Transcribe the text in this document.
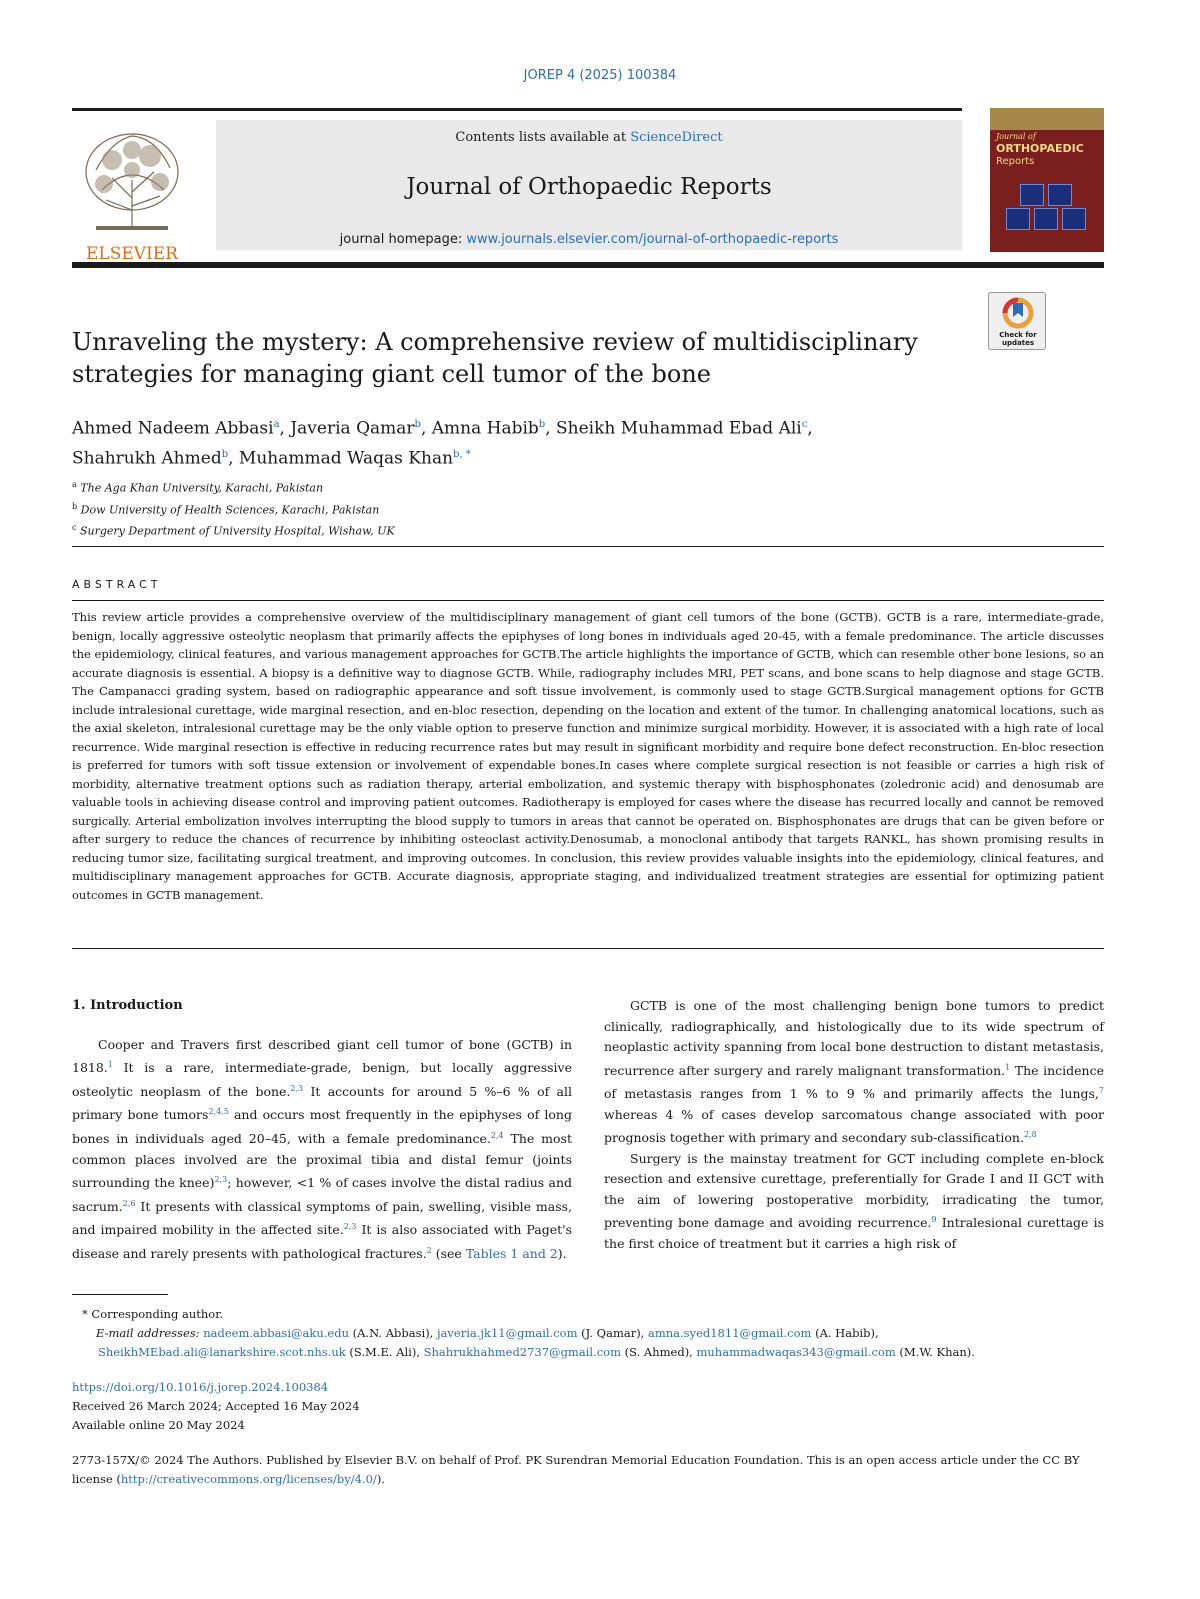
JOREP 4 (2025) 100384
ELSEVIER
Contents lists available at ScienceDirect
Journal of Orthopaedic Reports
journal homepage: www.journals.elsevier.com/journal-of-orthopaedic-reports
Journal of
ORTHOPAEDIC
Reports
Check for updates
Unraveling the mystery: A comprehensive review of multidisciplinary strategies for managing giant cell tumor of the bone
Ahmed Nadeem Abbasi$^a$, Javeria Qamar$^b$, Amna Habib$^b$, Sheikh Muhammad Ebad Ali$^c$,
Shahrukh Ahmed$^b$, Muhammad Waqas Khan$^{b, *}$
$^a$ The Aga Khan University, Karachi, Pakistan
$^b$ Dow University of Health Sciences, Karachi, Pakistan
$^c$ Surgery Department of University Hospital, Wishaw, UK
ABSTRACT
This review article provides a comprehensive overview of the multidisciplinary management of giant cell tumors of the bone (GCTB). GCTB is a rare, intermediate-grade, benign, locally aggressive osteolytic neoplasm that primarily affects the epiphyses of long bones in individuals aged 20-45, with a female predominance. The article discusses the epidemiology, clinical features, and various management approaches for GCTB.The article highlights the importance of GCTB, which can resemble other bone lesions, so an accurate diagnosis is essential. A biopsy is a definitive way to diagnose GCTB. While, radiography includes MRI, PET scans, and bone scans to help diagnose and stage GCTB. The Campanacci grading system, based on radiographic appearance and soft tissue involvement, is commonly used to stage GCTB.Surgical management options for GCTB include intralesional curettage, wide marginal resection, and en-bloc resection, depending on the location and extent of the tumor. In challenging anatomical locations, such as the axial skeleton, intralesional curettage may be the only viable option to preserve function and minimize surgical morbidity. However, it is associated with a high rate of local recurrence. Wide marginal resection is effective in reducing recurrence rates but may result in significant morbidity and require bone defect reconstruction. En-bloc resection is preferred for tumors with soft tissue extension or involvement of expendable bones.In cases where complete surgical resection is not feasible or carries a high risk of morbidity, alternative treatment options such as radiation therapy, arterial embolization, and systemic therapy with bisphosphonates (zoledronic acid) and denosumab are valuable tools in achieving disease control and improving patient outcomes. Radiotherapy is employed for cases where the disease has recurred locally and cannot be removed surgically. Arterial embolization involves interrupting the blood supply to tumors in areas that cannot be operated on. Bisphosphonates are drugs that can be given before or after surgery to reduce the chances of recurrence by inhibiting osteoclast activity.Denosumab, a monoclonal antibody that targets RANKL, has shown promising results in reducing tumor size, facilitating surgical treatment, and improving outcomes. In conclusion, this review provides valuable insights into the epidemiology, clinical features, and multidisciplinary management approaches for GCTB. Accurate diagnosis, appropriate staging, and individualized treatment strategies are essential for optimizing patient outcomes in GCTB management.
1. Introduction

Cooper and Travers first described giant cell tumor of bone (GCTB) in 1818.$^1$ It is a rare, intermediate-grade, benign, but locally aggressive osteolytic neoplasm of the bone.$^{2,3}$ It accounts for around 5 %–6 % of all primary bone tumors$^{2,4,5}$ and occurs most frequently in the epiphyses of long bones in individuals aged 20–45, with a female predominance.$^{2,4}$ The most common places involved are the proximal tibia and distal femur (joints surrounding the knee)$^{2,3}$; however, <1 % of cases involve the distal radius and sacrum.$^{2,6}$ It presents with classical symptoms of pain, swelling, visible mass, and impaired mobility in the affected site.$^{2,3}$ It is also associated with Paget's disease and rarely presents with pathological fractures.$^2$ (see Tables 1 and 2).

GCTB is one of the most challenging benign bone tumors to predict clinically, radiographically, and histologically due to its wide spectrum of neoplastic activity spanning from local bone destruction to distant metastasis, recurrence after surgery and rarely malignant transformation.$^1$ The incidence of metastasis ranges from 1 % to 9 % and primarily affects the lungs,$^7$ whereas 4 % of cases develop sarcomatous change associated with poor prognosis together with primary and secondary sub-classification.$^{2,8}$

Surgery is the mainstay treatment for GCT including complete en-block resection and extensive curettage, preferentially for Grade I and II GCT with the aim of lowering postoperative morbidity, irradicating the tumor, preventing bone damage and avoiding recurrence.$^9$ Intralesional curettage is the first choice of treatment but it carries a high risk of

* Corresponding author.
E-mail addresses: nadeem.abbasi@aku.edu (A.N. Abbasi), javeria.jk11@gmail.com (J. Qamar), amna.syed1811@gmail.com (A. Habib), SheikhMEbad.ali@lanarkshire.scot.nhs.uk (S.M.E. Ali), Shahrukhahmed2737@gmail.com (S. Ahmed), muhammadwaqas343@gmail.com (M.W. Khan).
https://doi.org/10.1016/j.jorep.2024.100384
Received 26 March 2024; Accepted 16 May 2024
Available online 20 May 2024
2773-157X/© 2024 The Authors. Published by Elsevier B.V. on behalf of Prof. PK Surendran Memorial Education Foundation. This is an open access article under the CC BY license (http://creativecommons.org/licenses/by/4.0/).
